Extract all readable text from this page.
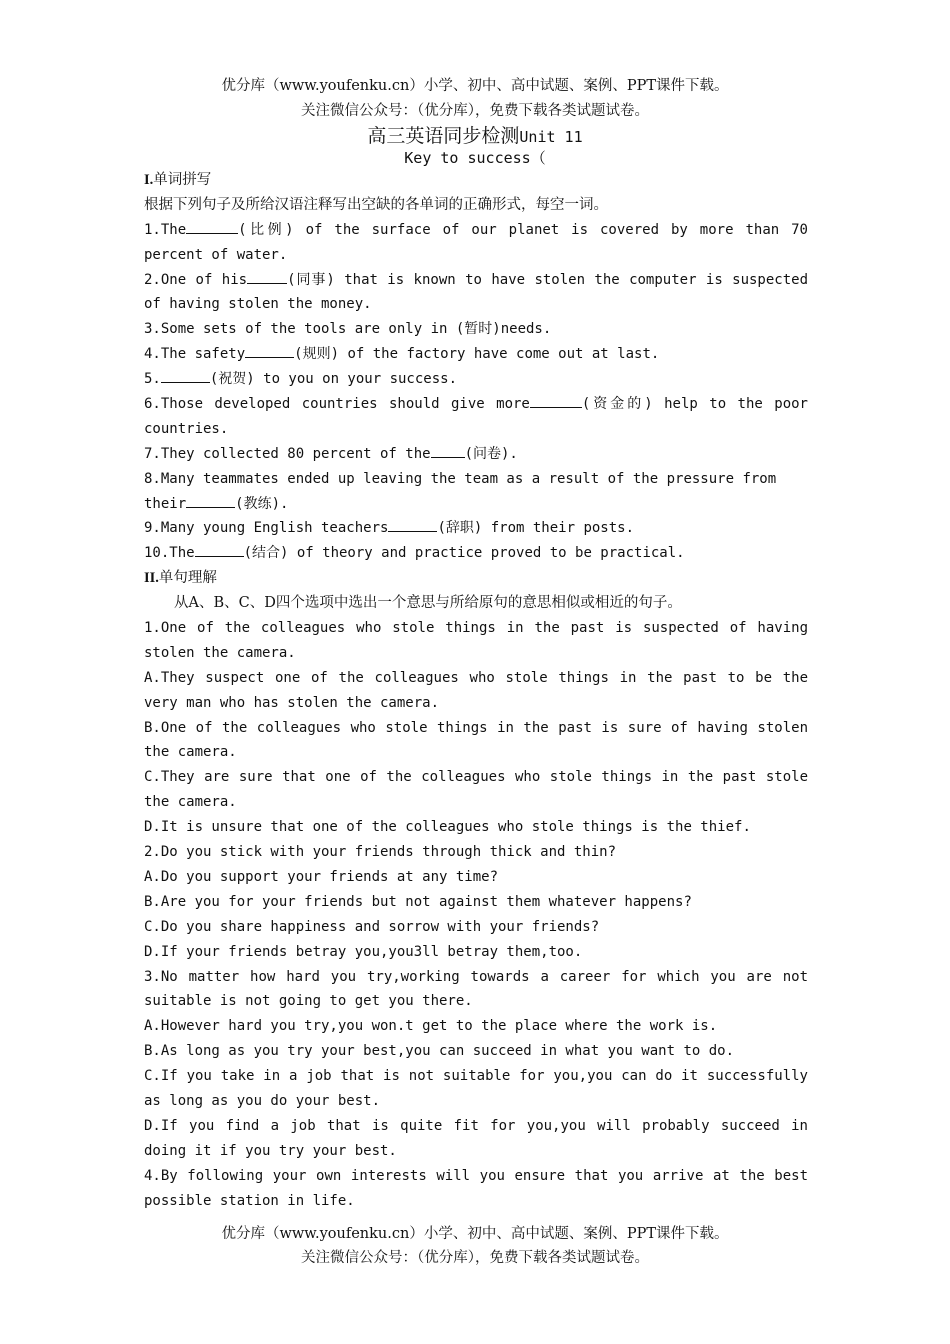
优分库（www.youfenku.cn）小学、初中、高中试题、案例、PPT课件下载。
关注微信公众号：（优分库），免费下载各类试题试卷。
高三英语同步检测Unit 11
Key to success（
I.单词拼写
根据下列句子及所给汉语注释写出空缺的各单词的正确形式，每空一词。
1.The	(比例) of the surface of our planet is covered by more than 70
percent of water.
2.One of his	(同事) that is known to have stolen the computer is suspected
of having stolen the money.
3.Some sets of the tools are only in (暂时)needs.
4.The safety	(规则) of the factory have come out at last.
5.	(祝贺) to you on your success.
6.Those developed countries should give more	(资金的) help to the poor
countries.
7.They collected 80 percent of the (问卷).
8.Many teammates ended up leaving the team as a result of the pressure from
their	(教练).
9.Many young English teachers	(辞职) from their posts.
10.The	(结合) of theory and practice proved to be practical.
II.单句理解
从A、B、C、D四个选项中选出一个意思与所给原句的意思相似或相近的句子。
1.One of the colleagues who stole things in the past is suspected of having
stolen the camera.
A.They suspect one of the colleagues who stole things in the past to be the
very man who has stolen the camera.
B.One of the colleagues who stole things in the past is sure of having stolen
the camera.
C.They are sure that one of the colleagues who stole things in the past stole
the camera.
D.It is unsure that one of the colleagues who stole things is the thief.
2.Do you stick with your friends through thick and thin?
A.Do you support your friends at any time?
B.Are you for your friends but not against them whatever happens?
C.Do you share happiness and sorrow with your friends?
D.If your friends betray you,you3ll betray them,too.
3.No matter how hard you try,working towards a career for which you are not
suitable is not going to get you there.
A.However hard you try,you won.t get to the place where the work is.
B.As long as you try your best,you can succeed in what you want to do.
C.If you take in a job that is not suitable for you,you can do it successfully
as long as you do your best.
D.If you find a job that is quite fit for you,you will probably succeed in
doing it if you try your best.
4.By following your own interests will you ensure that you arrive at the best
possible station in life.
优分库（www.youfenku.cn）小学、初中、高中试题、案例、PPT课件下载。
关注微信公众号：（优分库），免费下载各类试题试卷。
